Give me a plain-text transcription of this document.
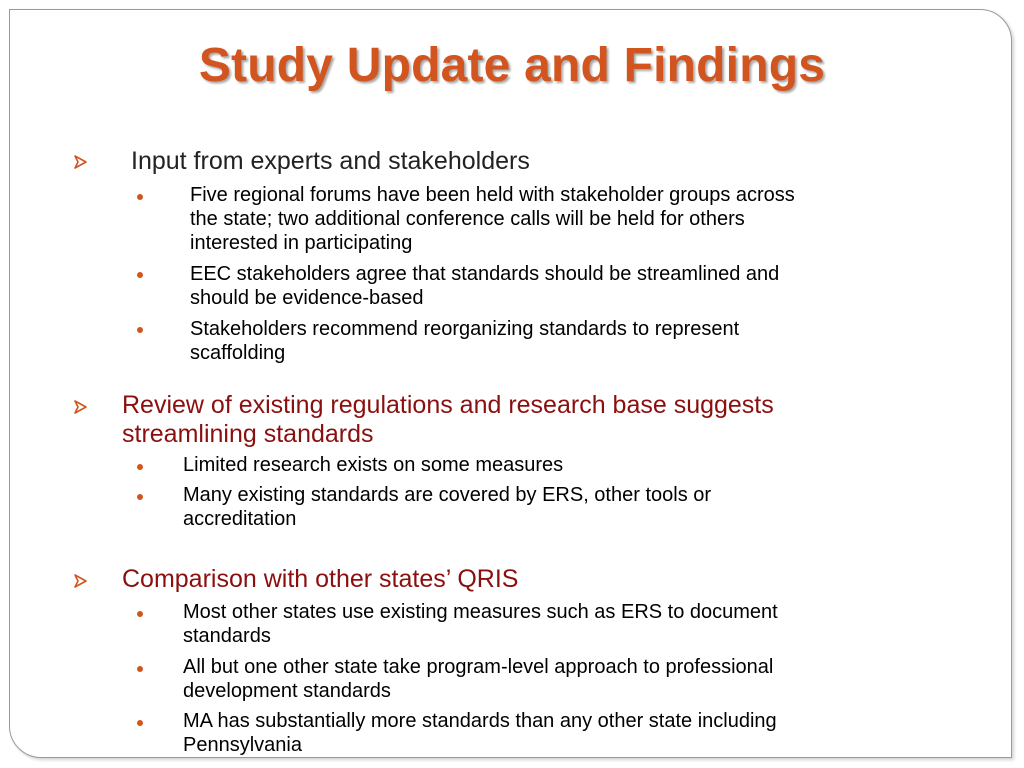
Study Update and Findings
Input from experts and stakeholders
Five regional forums have been held with stakeholder groups across
the state; two additional conference calls will be held for others
interested in participating
EEC stakeholders agree that standards should be streamlined and
should be evidence-based
Stakeholders recommend reorganizing standards to represent
scaffolding
Review of existing regulations and research base suggests
streamlining standards
Limited research exists on some measures
Many existing standards are covered by ERS, other tools or
accreditation
Comparison with other states’ QRIS
Most other states use existing measures such as ERS to document
standards
All but one other state take program-level approach to professional
development standards
MA has substantially more standards than any other state including
Pennsylvania
